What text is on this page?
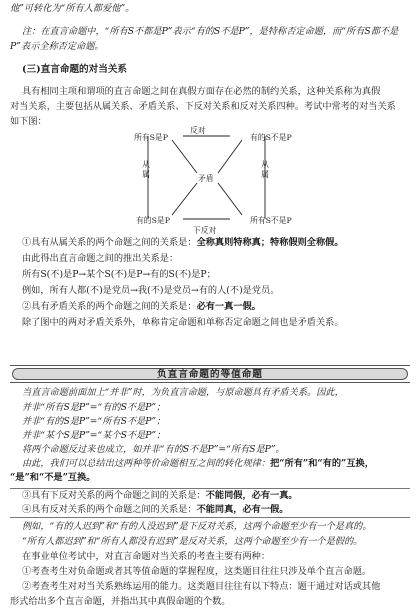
他”可转化为“所有人都爱他”。
注：在直言命题中，“所有S不都是P”表示“有的S不是P”，是特称否定命题，而“所有S都不是
P”表示全称否定命题。
(三)直言命题的对当关系
具有相同主项和谓项的直言命题之间在真假方面存在必然的制约关系，这种关系称为真假
对当关系，主要包括从属关系、矛盾关系、下反对关系和反对关系四种。考试中常考的对当关系
如下图：
反对
所有S是P	有的S不是P
从属
从属
矛盾
有的S是P	所有S不是P
下反对
①具有从属关系的两个命题之间的关系是：全称真则特称真；特称假则全称假。
由此得出直言命题之间的推出关系是：
所有S(不)是P→某个S(不)是P→有的S(不)是P；
例如，所有人都(不)是党员→我(不)是党员→有的人(不)是党员。
②具有矛盾关系的两个命题之间的关系是：必有一真一假。
除了图中的两对矛盾关系外，单称肯定命题和单称否定命题之间也是矛盾关系。
负直言命题的等值命题
当直言命题前面加上“并非”时，为负直言命题，与原命题具有矛盾关系。因此，
并非“所有S是P”=“有的S不是P”；
并非“有的S是P”=“所有S不是P”；
并非“某个S是P”=“某个S不是P”；
将两个命题反过来也成立，如并非“有的S不是P”=“所有S是P”。
由此，我们可以总结出这两种等价命题相互之间的转化规律：把“所有”和“有的”互换，
“是”和“不是”互换。
③具有下反对关系的两个命题之间的关系是：不能同假，必有一真。
④具有反对关系的两个命题之间的关系是：不能同真，必有一假。
例如，“有的人迟到”和“有的人没迟到”是下反对关系，这两个命题至少有一个是真的。
“所有人都迟到”和“所有人都没有迟到”是反对关系，这两个命题至少有一个是假的。
在事业单位考试中，对直言命题对当关系的考查主要有两种：
①考查考生对负命题或者其等值命题的掌握程度，这类题目往往只涉及单个直言命题。
②考查考生对对当关系熟练运用的能力。这类题目往往有以下特点：题干通过对话或其他
形式给出多个直言命题，并指出其中真假命题的个数。
